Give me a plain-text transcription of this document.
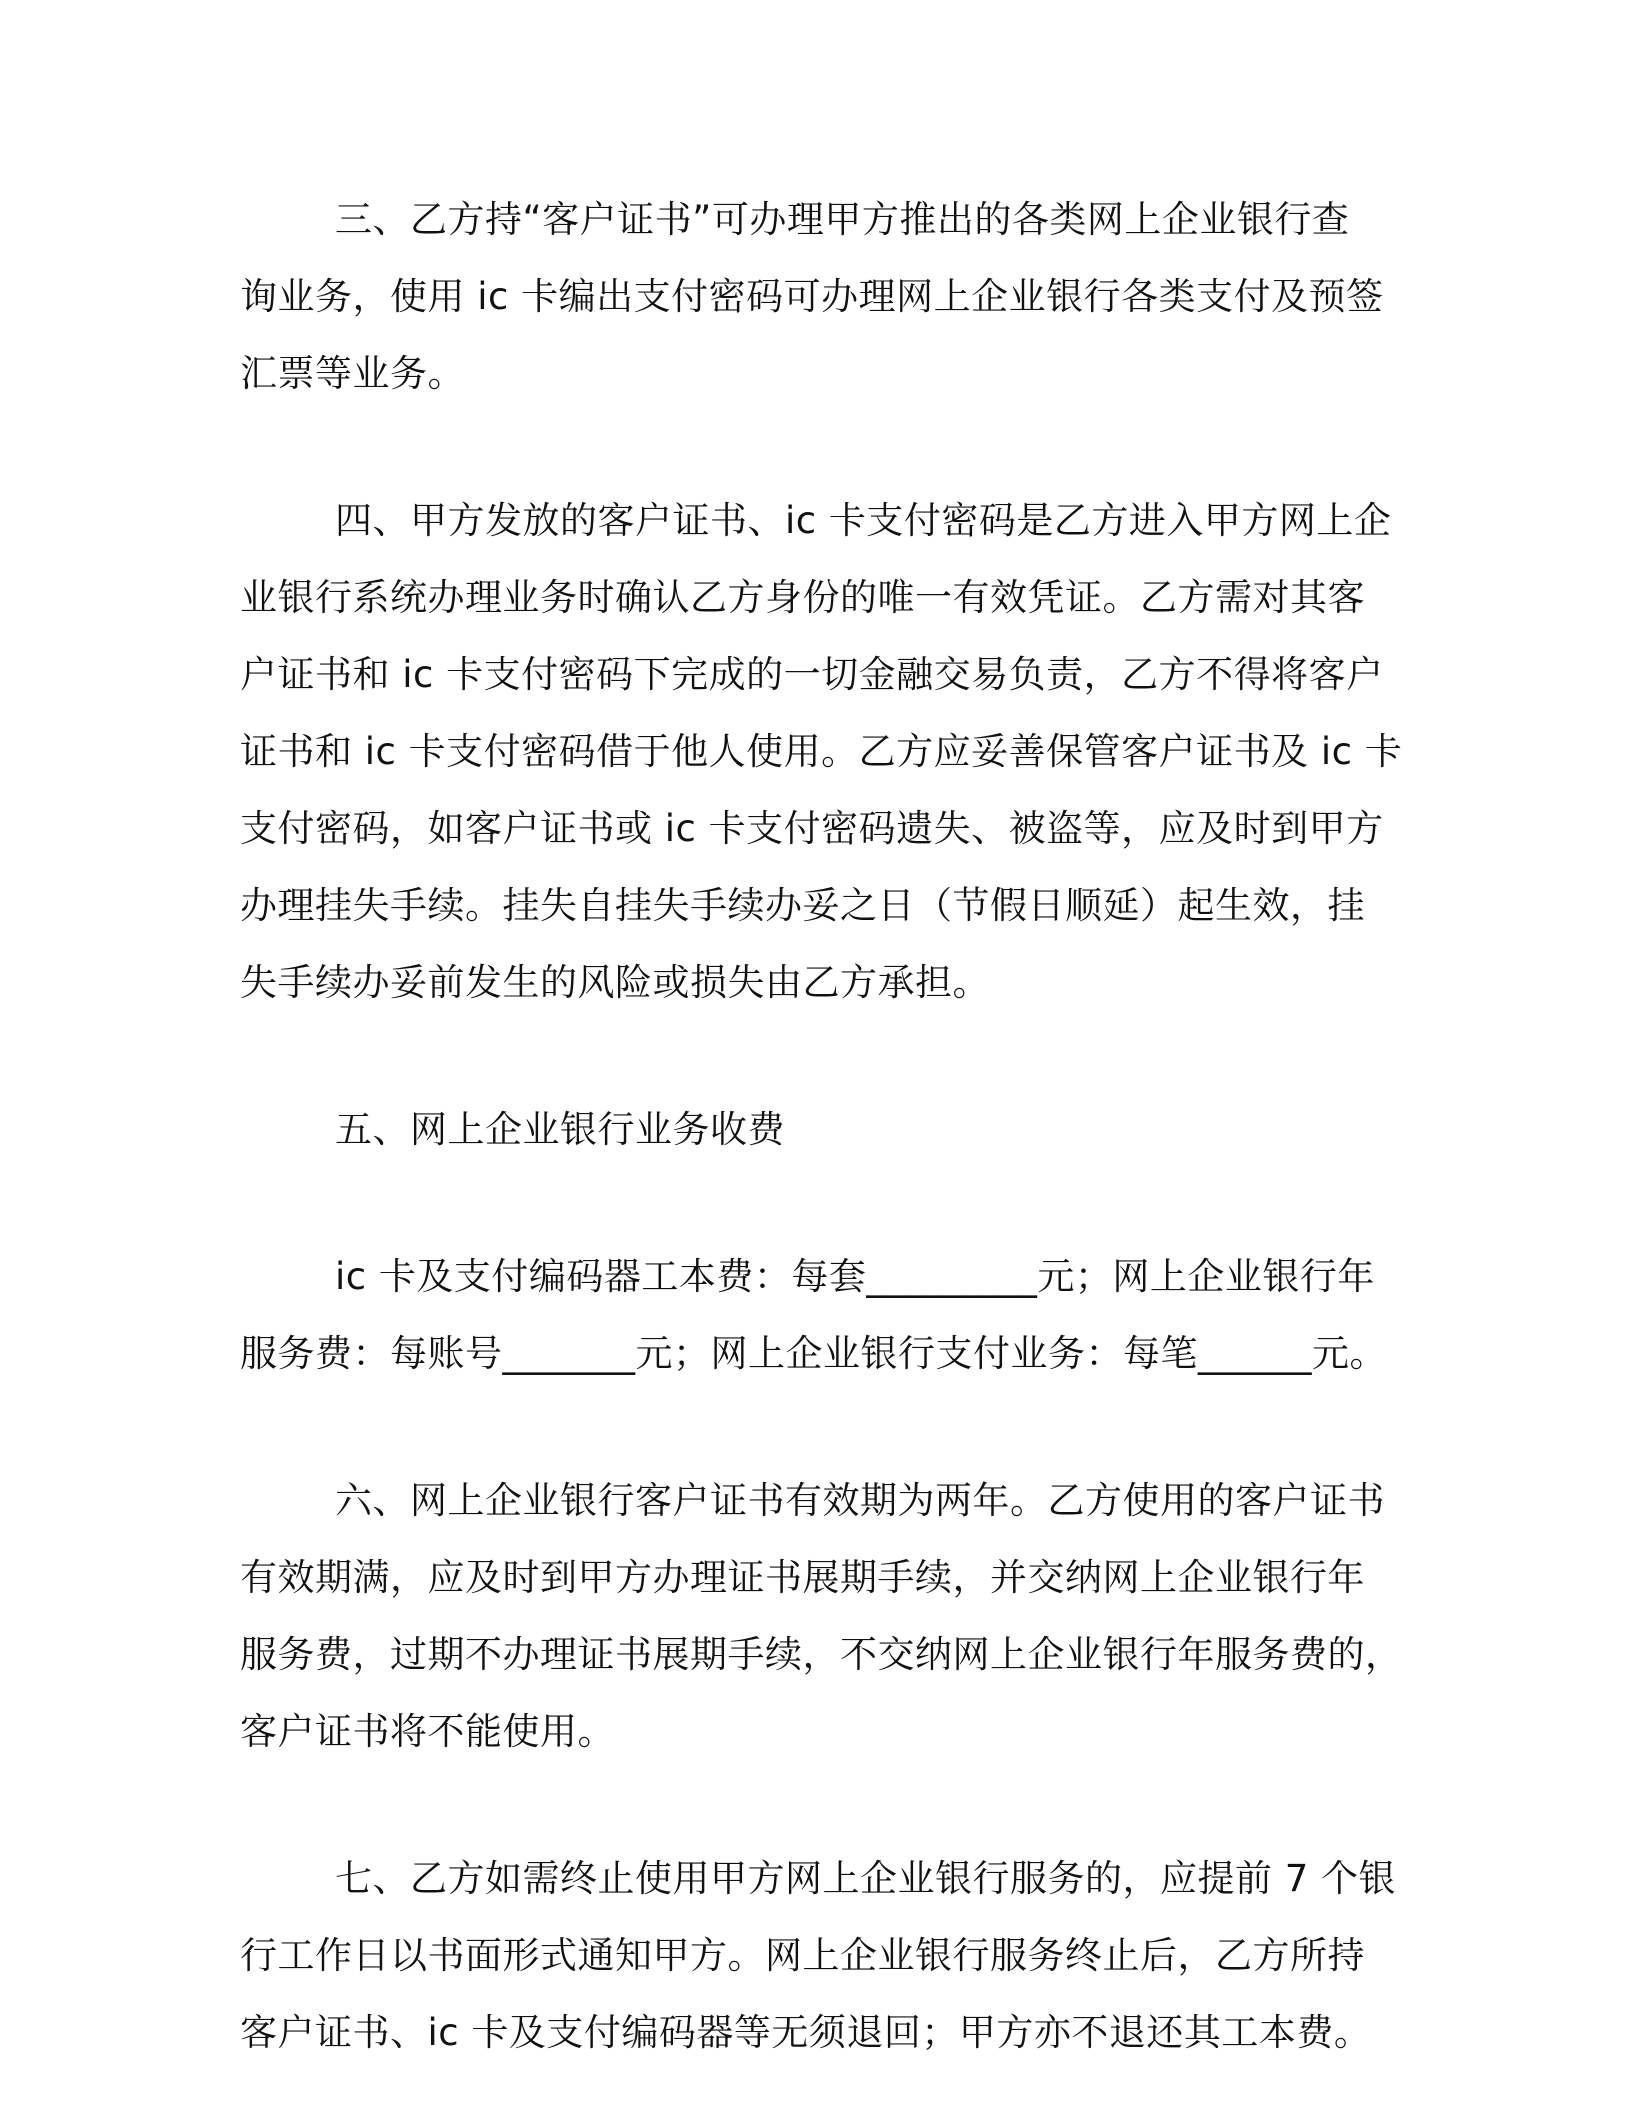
三、乙方持“客户证书”可办理甲方推出的各类网上企业银行查
询业务，使用 ic 卡编出支付密码可办理网上企业银行各类支付及预签
汇票等业务。

四、甲方发放的客户证书、ic 卡支付密码是乙方进入甲方网上企
业银行系统办理业务时确认乙方身份的唯一有效凭证。乙方需对其客
户证书和 ic 卡支付密码下完成的一切金融交易负责，乙方不得将客户
证书和 ic 卡支付密码借于他人使用。乙方应妥善保管客户证书及 ic 卡
支付密码，如客户证书或 ic 卡支付密码遗失、被盗等，应及时到甲方
办理挂失手续。挂失自挂失手续办妥之日（节假日顺延）起生效，挂
失手续办妥前发生的风险或损失由乙方承担。

五、网上企业银行业务收费

ic 卡及支付编码器工本费：每套_________元；网上企业银行年
服务费：每账号_______元；网上企业银行支付业务：每笔______元。

六、网上企业银行客户证书有效期为两年。乙方使用的客户证书
有效期满，应及时到甲方办理证书展期手续，并交纳网上企业银行年
服务费，过期不办理证书展期手续，不交纳网上企业银行年服务费的，
客户证书将不能使用。

七、乙方如需终止使用甲方网上企业银行服务的，应提前 7 个银
行工作日以书面形式通知甲方。网上企业银行服务终止后，乙方所持
客户证书、ic 卡及支付编码器等无须退回；甲方亦不退还其工本费。
